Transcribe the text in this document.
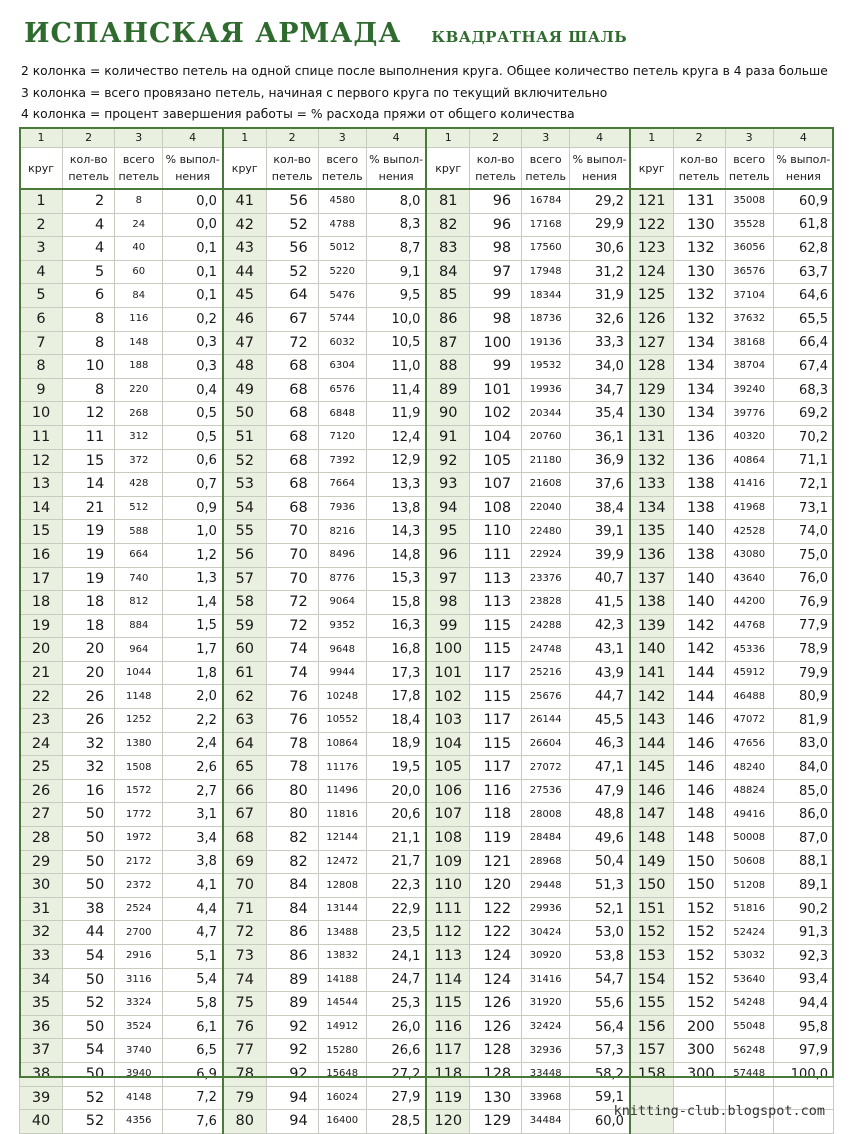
ИСПАНСКАЯ АРМАДА КВАДРАТНАЯ ШАЛЬ
2 колонка = количество петель на одной спице после выполнения круга. Общее количество петель круга в 4 раза больше
3 колонка = всего провязано петель, начиная с первого круга по текущий включительно
4 колонка = процент завершения работы = % расхода пряжи от общего количества
1	2	3	4	1	2	3	4	1	2	3	4	1	2	3	4
круг	кол-во петель	всего петель	% выпол-нения	круг	кол-во петель	всего петель	% выпол-нения	круг	кол-во петель	всего петель	% выпол-нения	круг	кол-во петель	всего петель	% выпол-нения
1	2	8	0,0	41	56	4580	8,0	81	96	16784	29,2	121	131	35008	60,9
2	4	24	0,0	42	52	4788	8,3	82	96	17168	29,9	122	130	35528	61,8
3	4	40	0,1	43	56	5012	8,7	83	98	17560	30,6	123	132	36056	62,8
4	5	60	0,1	44	52	5220	9,1	84	97	17948	31,2	124	130	36576	63,7
5	6	84	0,1	45	64	5476	9,5	85	99	18344	31,9	125	132	37104	64,6
6	8	116	0,2	46	67	5744	10,0	86	98	18736	32,6	126	132	37632	65,5
7	8	148	0,3	47	72	6032	10,5	87	100	19136	33,3	127	134	38168	66,4
8	10	188	0,3	48	68	6304	11,0	88	99	19532	34,0	128	134	38704	67,4
9	8	220	0,4	49	68	6576	11,4	89	101	19936	34,7	129	134	39240	68,3
10	12	268	0,5	50	68	6848	11,9	90	102	20344	35,4	130	134	39776	69,2
11	11	312	0,5	51	68	7120	12,4	91	104	20760	36,1	131	136	40320	70,2
12	15	372	0,6	52	68	7392	12,9	92	105	21180	36,9	132	136	40864	71,1
13	14	428	0,7	53	68	7664	13,3	93	107	21608	37,6	133	138	41416	72,1
14	21	512	0,9	54	68	7936	13,8	94	108	22040	38,4	134	138	41968	73,1
15	19	588	1,0	55	70	8216	14,3	95	110	22480	39,1	135	140	42528	74,0
16	19	664	1,2	56	70	8496	14,8	96	111	22924	39,9	136	138	43080	75,0
17	19	740	1,3	57	70	8776	15,3	97	113	23376	40,7	137	140	43640	76,0
18	18	812	1,4	58	72	9064	15,8	98	113	23828	41,5	138	140	44200	76,9
19	18	884	1,5	59	72	9352	16,3	99	115	24288	42,3	139	142	44768	77,9
20	20	964	1,7	60	74	9648	16,8	100	115	24748	43,1	140	142	45336	78,9
21	20	1044	1,8	61	74	9944	17,3	101	117	25216	43,9	141	144	45912	79,9
22	26	1148	2,0	62	76	10248	17,8	102	115	25676	44,7	142	144	46488	80,9
23	26	1252	2,2	63	76	10552	18,4	103	117	26144	45,5	143	146	47072	81,9
24	32	1380	2,4	64	78	10864	18,9	104	115	26604	46,3	144	146	47656	83,0
25	32	1508	2,6	65	78	11176	19,5	105	117	27072	47,1	145	146	48240	84,0
26	16	1572	2,7	66	80	11496	20,0	106	116	27536	47,9	146	146	48824	85,0
27	50	1772	3,1	67	80	11816	20,6	107	118	28008	48,8	147	148	49416	86,0
28	50	1972	3,4	68	82	12144	21,1	108	119	28484	49,6	148	148	50008	87,0
29	50	2172	3,8	69	82	12472	21,7	109	121	28968	50,4	149	150	50608	88,1
30	50	2372	4,1	70	84	12808	22,3	110	120	29448	51,3	150	150	51208	89,1
31	38	2524	4,4	71	84	13144	22,9	111	122	29936	52,1	151	152	51816	90,2
32	44	2700	4,7	72	86	13488	23,5	112	122	30424	53,0	152	152	52424	91,3
33	54	2916	5,1	73	86	13832	24,1	113	124	30920	53,8	153	152	53032	92,3
34	50	3116	5,4	74	89	14188	24,7	114	124	31416	54,7	154	152	53640	93,4
35	52	3324	5,8	75	89	14544	25,3	115	126	31920	55,6	155	152	54248	94,4
36	50	3524	6,1	76	92	14912	26,0	116	126	32424	56,4	156	200	55048	95,8
37	54	3740	6,5	77	92	15280	26,6	117	128	32936	57,3	157	300	56248	97,9
38	50	3940	6,9	78	92	15648	27,2	118	128	33448	58,2	158	300	57448	100,0
39	52	4148	7,2	79	94	16024	27,9	119	130	33968	59,1				
40	52	4356	7,6	80	94	16400	28,5	120	129	34484	60,0				
knitting-club.blogspot.com
